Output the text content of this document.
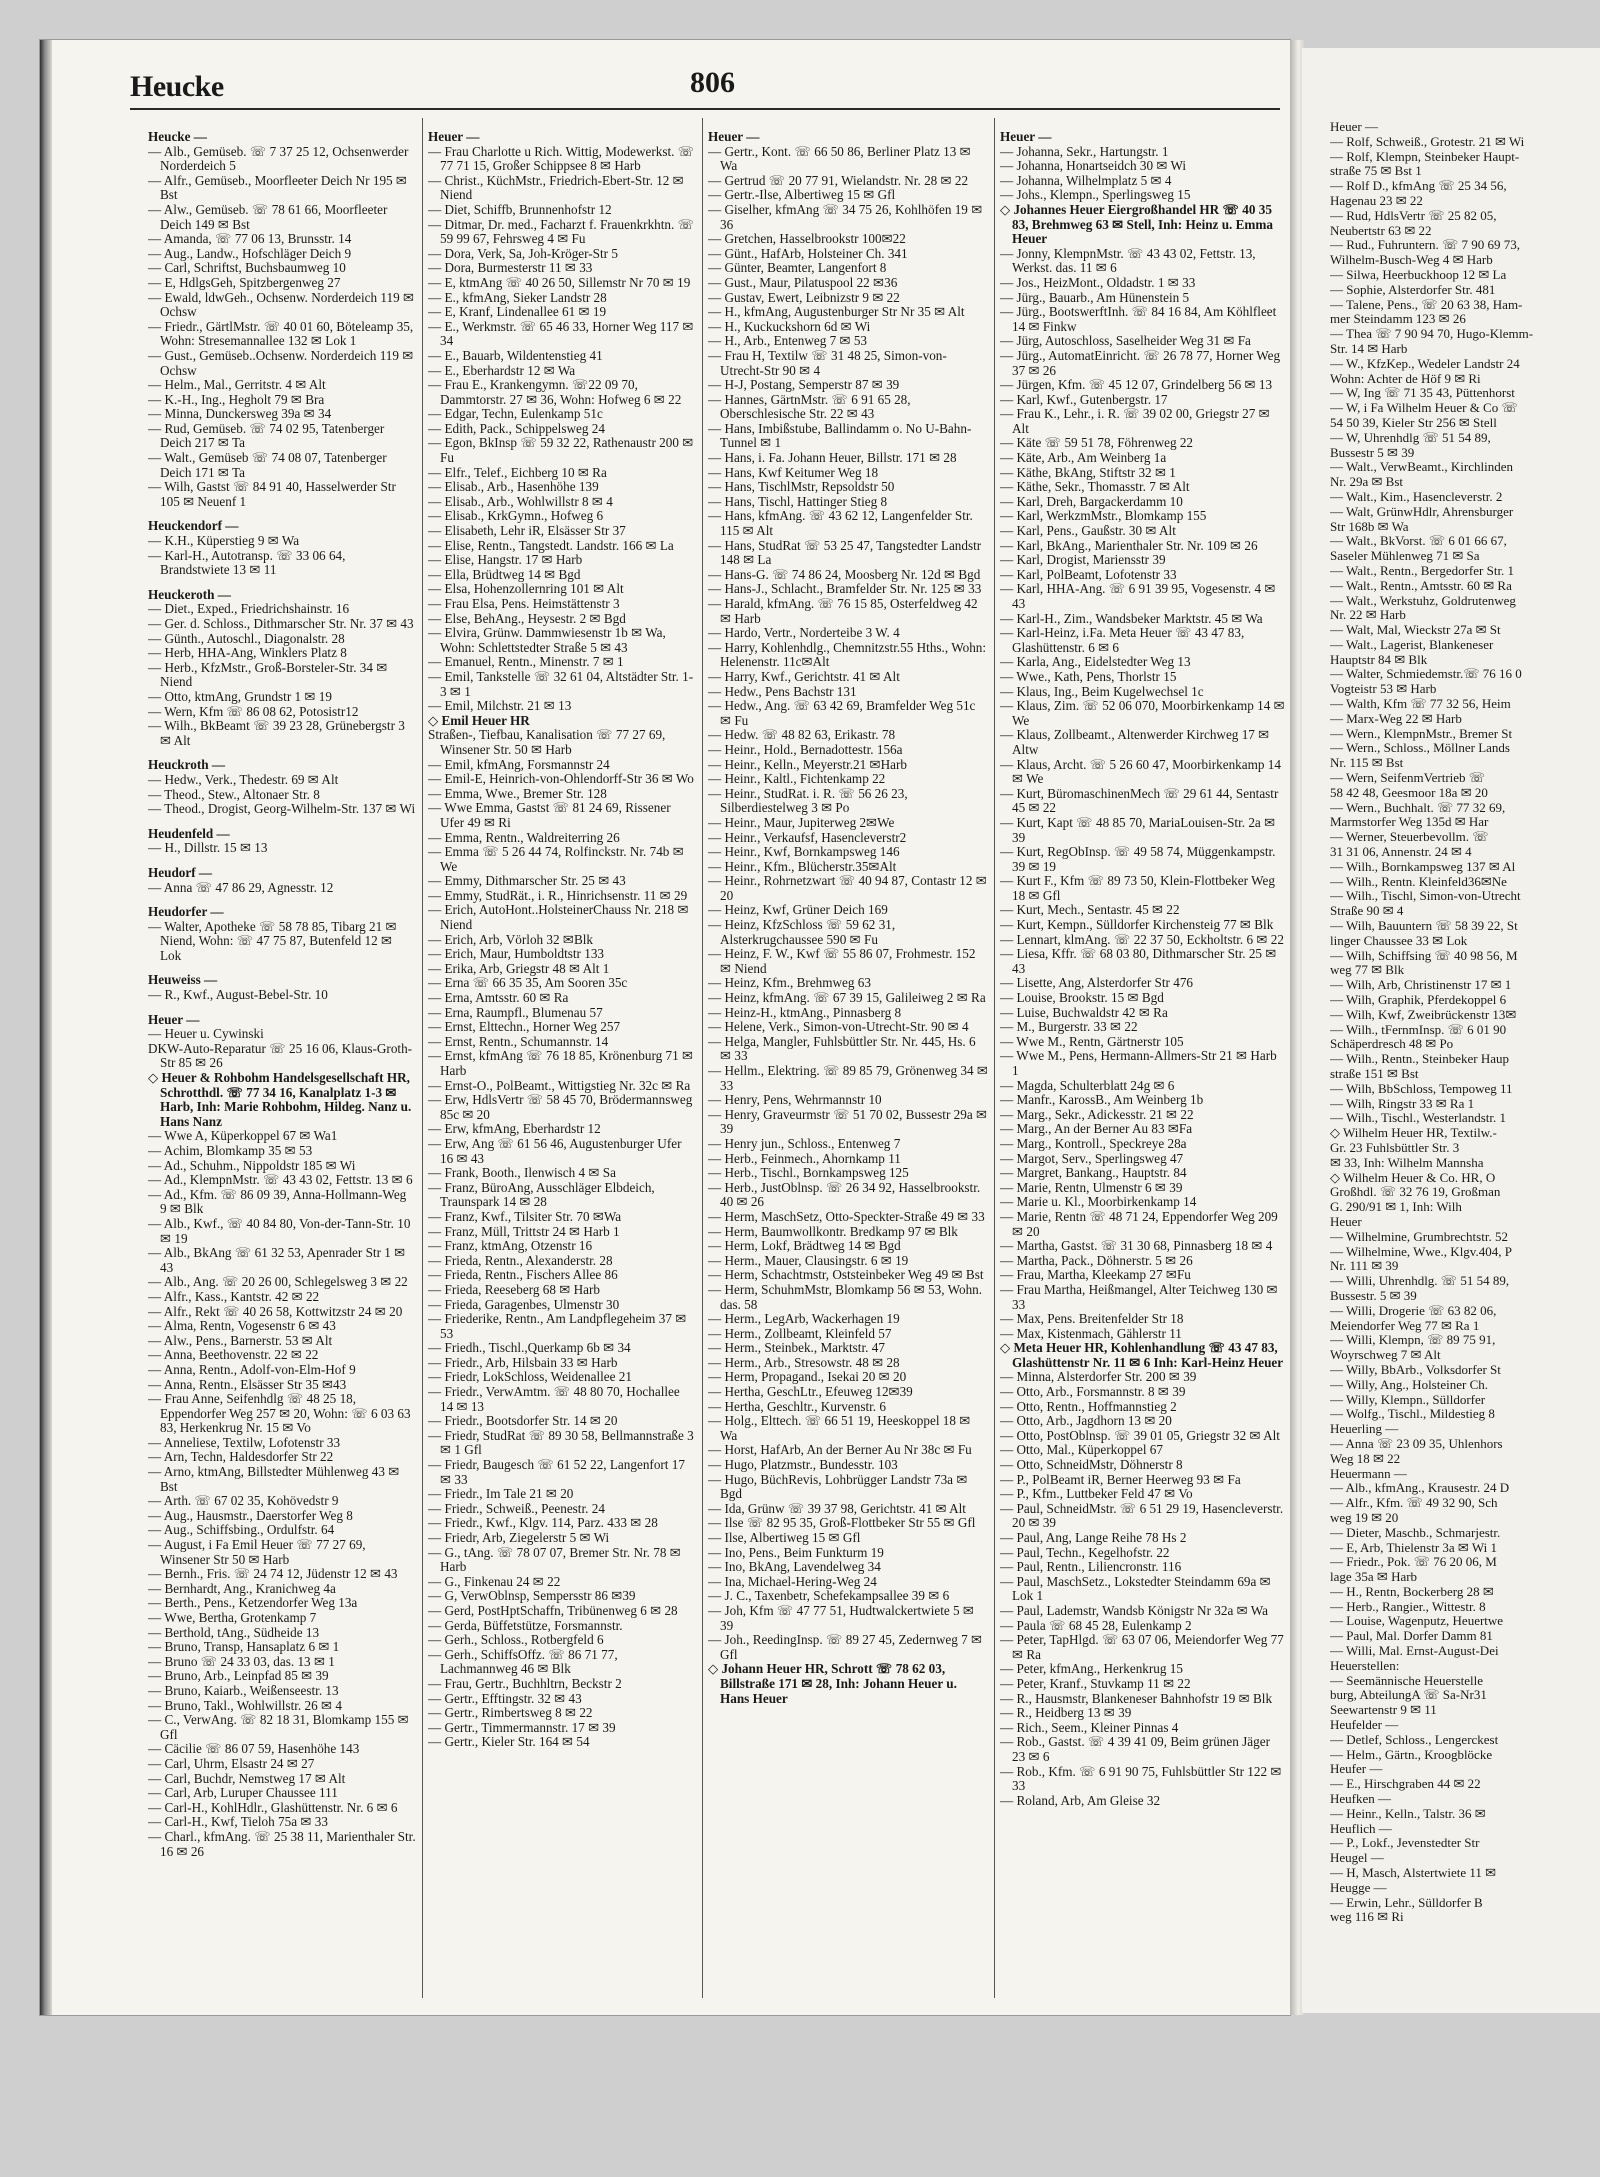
Heucke	806

Heucke —

— Alb., Gemüseb. ☏ 7 37 25 12, Ochsenwerder Norderdeich 5

— Alfr., Gemüseb., Moorfleeter Deich Nr 195 ✉ Bst

— Alw., Gemüseb. ☏ 78 61 66, Moorfleeter Deich 149 ✉ Bst

— Amanda, ☏ 77 06 13, Brunsstr. 14

— Aug., Landw., Hofschläger Deich 9

— Carl, Schriftst, Buchsbaumweg 10

— E, HdlgsGeh, Spitzbergenweg 27

— Ewald, ldwGeh., Ochsenw. Norderdeich 119 ✉ Ochsw

— Friedr., GärtlMstr. ☏ 40 01 60, Böteleamp 35, Wohn: Stresemannallee 132 ✉ Lok 1

— Gust., Gemüseb..Ochsenw. Norderdeich 119 ✉ Ochsw

— Helm., Mal., Gerritstr. 4 ✉ Alt

— K.-H., Ing., Hegholt 79 ✉ Bra

— Minna, Dunckersweg 39a ✉ 34

— Rud, Gemüseb. ☏ 74 02 95, Tatenberger Deich 217 ✉ Ta

— Walt., Gemüseb ☏ 74 08 07, Tatenberger Deich 171 ✉ Ta

— Wilh, Gastst ☏ 84 91 40, Hasselwerder Str 105 ✉ Neuenf 1

Heuckendorf —

— K.H., Küperstieg 9 ✉ Wa

— Karl-H., Autotransp. ☏ 33 06 64, Brandstwiete 13 ✉ 11

Heuckeroth —

— Diet., Exped., Friedrichshainstr. 16

— Ger. d. Schloss., Dithmarscher Str. Nr. 37 ✉ 43

— Günth., Autoschl., Diagonalstr. 28

— Herb, HHA-Ang, Winklers Platz 8

— Herb., KfzMstr., Groß-Borsteler-Str. 34 ✉ Niend

— Otto, ktmAng, Grundstr 1 ✉ 19

— Wern, Kfm ☏ 86 08 62, Potosistr12

— Wilh., BkBeamt ☏ 39 23 28, Grünebergstr 3 ✉ Alt

Heuckroth —

— Hedw., Verk., Thedestr. 69 ✉ Alt

— Theod., Stew., Altonaer Str. 8

— Theod., Drogist, Georg-Wilhelm-Str. 137 ✉ Wi

Heudenfeld —

— H., Dillstr. 15 ✉ 13

Heudorf —

— Anna ☏ 47 86 29, Agnesstr. 12

Heudorfer —

— Walter, Apotheke ☏ 58 78 85, Tibarg 21 ✉ Niend, Wohn: ☏ 47 75 87, Butenfeld 12 ✉ Lok

Heuweiss —

— R., Kwf., August-Bebel-Str. 10

Heuer —

— Heuer u. Cywinski

DKW-Auto-Reparatur ☏ 25 16 06, Klaus-Groth-Str 85 ✉ 26

◇ Heuer & Rohbohm Handelsgesellschaft HR, Schrotthdl. ☏ 77 34 16, Kanalplatz 1-3 ✉ Harb, Inh: Marie Rohbohm, Hildeg. Nanz u. Hans Nanz

— Wwe A, Küperkoppel 67 ✉ Wa1

— Achim, Blomkamp 35 ✉ 53

— Ad., Schuhm., Nippoldstr 185 ✉ Wi

— Ad., KlempnMstr. ☏ 43 43 02, Fettstr. 13 ✉ 6

— Ad., Kfm. ☏ 86 09 39, Annа-Hollmann-Weg 9 ✉ Blk

— Alb., Kwf., ☏ 40 84 80, Von-der-Tann-Str. 10 ✉ 19

— Alb., BkAng ☏ 61 32 53, Apenrader Str 1 ✉ 43

— Alb., Ang. ☏ 20 26 00, Schlegelsweg 3 ✉ 22

— Alfr., Kass., Kantstr. 42 ✉ 22

— Alfr., Rekt ☏ 40 26 58, Kottwitzstr 24 ✉ 20

— Alma, Rentn, Vogesenstr 6 ✉ 43

— Alw., Pens., Barnerstr. 53 ✉ Alt

— Anna, Beethovenstr. 22 ✉ 22

— Anna, Rentn., Adolf-von-Elm-Hof 9

— Anna, Rentn., Elsässer Str 35 ✉43

— Frau Anne, Seifenhdlg ☏ 48 25 18, Eppendorfer Weg 257 ✉ 20, Wohn: ☏ 6 03 63 83, Herkenkrug Nr. 15 ✉ Vo

— Anneliese, Textilw, Lofotenstr 33

— Arn, Techn, Haldesdorfer Str 22

— Arno, ktmAng, Billstedter Mühlenweg 43 ✉ Bst

— Arth. ☏ 67 02 35, Kohövedstr 9

— Aug., Hausmstr., Daerstorfer Weg 8

— Aug., Schiffsbing., Ordulfstr. 64

— August, i Fa Emil Heuer ☏ 77 27 69, Winsener Str 50 ✉ Harb

— Bernh., Fris. ☏ 24 74 12, Jüdenstr 12 ✉ 43

— Bernhardt, Ang., Kranichweg 4a

— Berth., Pens., Ketzendorfer Weg 13a

— Wwe, Bertha, Grotenkamp 7

— Berthold, tAng., Südheide 13

— Bruno, Transp, Hansaplatz 6 ✉ 1

— Bruno ☏ 24 33 03, das. 13 ✉ 1

— Bruno, Arb., Leinpfad 85 ✉ 39

— Bruno, Kaiarb., Weißenseestr. 13

— Bruno, Takl., Wohlwillstr. 26 ✉ 4

— C., VerwAng. ☏ 82 18 31, Blomkamp 155 ✉ Gfl

— Cäcilie ☏ 86 07 59, Hasenhöhe 143

— Carl, Uhrm, Elsastr 24 ✉ 27

— Carl, Buchdr, Nemstweg 17 ✉ Alt

— Carl, Arb, Luruper Chaussee 111

— Carl-H., KohlHdlr., Glashüttenstr. Nr. 6 ✉ 6

— Carl-H., Kwf, Tieloh 75a ✉ 33

— Charl., kfmAng. ☏ 25 38 11, Marienthaler Str. 16 ✉ 26

Heuer —

— Frau Charlotte u Rich. Wittig, Modewerkst. ☏ 77 71 15, Großer Schippsee 8 ✉ Harb

— Christ., KüchMstr., Friedrich-Ebert-Str. 12 ✉ Niend

— Diet, Schiffb, Brunnenhofstr 12

— Ditmar, Dr. med., Facharzt f. Frauenkrkhtn. ☏ 59 99 67, Fehrsweg 4 ✉ Fu

— Dora, Verk, Sa, Joh-Kröger-Str 5

— Dora, Burmesterstr 11 ✉ 33

— E, ktmAng ☏ 40 26 50, Sillemstr Nr 70 ✉ 19

— E., kfmAng, Sieker Landstr 28

— E, Kranf, Lindenallee 61 ✉ 19

— E., Werkmstr. ☏ 65 46 33, Horner Weg 117 ✉ 34

— E., Bauarb, Wildentenstieg 41

— E., Eberhardstr 12 ✉ Wa

— Frau E., Krankengymn. ☏22 09 70, Dammtorstr. 27 ✉ 36, Wohn: Hofweg 6 ✉ 22

— Edgar, Techn, Eulenkamp 51c

— Edith, Pack., Schippelsweg 24

— Egon, BkInsp ☏ 59 32 22, Rathenaustr 200 ✉ Fu

— Elfr., Telef., Eichberg 10 ✉ Ra

— Elisab., Arb., Hasenhöhe 139

— Elisab., Arb., Wohlwillstr 8 ✉ 4

— Elisab., KrkGymn., Hofweg 6

— Elisabeth, Lehr iR, Elsässer Str 37

— Elise, Rentn., Tangstedt. Landstr. 166 ✉ La

— Elise, Hangstr. 17 ✉ Harb

— Ella, Brüdtweg 14 ✉ Bgd

— Elsa, Hohenzollernring 101 ✉ Alt

— Frau Elsa, Pens. Heimstättenstr 3

— Else, BehAng., Heysestr. 2 ✉ Bgd

— Elvira, Grünw. Dammwiesenstr 1b ✉ Wa, Wohn: Schlettstedter Straße 5 ✉ 43

— Emanuel, Rentn., Minenstr. 7 ✉ 1

— Emil, Tankstelle ☏ 32 61 04, Altstädter Str. 1-3 ✉ 1

— Emil, Milchstr. 21 ✉ 13

◇ Emil Heuer HR

Straßen-, Tiefbau, Kanalisation ☏ 77 27 69, Winsener Str. 50 ✉ Harb

— Emil, kfmAng, Forsmannstr 24

— Emil-E, Heinrich-von-Ohlendorff-Str 36 ✉ Wo

— Emma, Wwe., Bremer Str. 128

— Wwe Emma, Gastst ☏ 81 24 69, Rissener Ufer 49 ✉ Ri

— Emma, Rentn., Waldreiterring 26

— Emma ☏ 5 26 44 74, Rolfinckstr. Nr. 74b ✉ We

— Emmy, Dithmarscher Str. 25 ✉ 43

— Emmy, StudRät., i. R., Hinrichsenstr. 11 ✉ 29

— Erich, AutoHont..HolsteinerChauss Nr. 218 ✉ Niend

— Erich, Arb, Vörloh 32 ✉Blk

— Erich, Maur, Humboldtstr 133

— Erika, Arb, Griegstr 48 ✉ Alt 1

— Erna ☏ 66 35 35, Am Sooren 35c

— Erna, Amtsstr. 60 ✉ Ra

— Erna, Raumpfl., Blumenau 57

— Ernst, Elttechn., Horner Weg 257

— Ernst, Rentn., Schumannstr. 14

— Ernst, kfmAng ☏ 76 18 85, Krönenburg 71 ✉ Harb

— Ernst-O., PolBeamt., Wittigstieg Nr. 32c ✉ Ra

— Erw, HdlsVertr ☏ 58 45 70, Brödermannsweg 85c ✉ 20

— Erw, kfmAng, Eberhardstr 12

— Erw, Ang ☏ 61 56 46, Augustenburger Ufer 16 ✉ 43

— Frank, Booth., Ilenwisch 4 ✉ Sa

— Franz, BüroAng, Ausschläger Elbdeich, Traunspark 14 ✉ 28

— Franz, Kwf., Tilsiter Str. 70 ✉Wa

— Franz, Müll, Trittstr 24 ✉ Harb 1

— Franz, ktmAng, Otzenstr 16

— Frieda, Rentn., Alexanderstr. 28

— Frieda, Rentn., Fischers Allee 86

— Frieda, Reeseberg 68 ✉ Harb

— Frieda, Garagenbes, Ulmenstr 30

— Friederike, Rentn., Am Landpflegeheim 37 ✉ 53

— Friedh., Tischl.,Querkamp 6b ✉ 34

— Friedr., Arb, Hilsbain 33 ✉ Harb

— Friedr, LokSchloss, Weidenallee 21

— Friedr., VerwAmtm. ☏ 48 80 70, Hochallee 14 ✉ 13

— Friedr., Bootsdorfer Str. 14 ✉ 20

— Friedr, StudRat ☏ 89 30 58, Bellmannstraße 3 ✉ 1 Gfl

— Friedr, Baugesch ☏ 61 52 22, Langenfort 17 ✉ 33

— Friedr., Im Tale 21 ✉ 20

— Friedr., Schweiß., Peenestr. 24

— Friedr., Kwf., Klgv. 114, Parz. 433 ✉ 28

— Friedr, Arb, Ziegelerstr 5 ✉ Wi

— G., tAng. ☏ 78 07 07, Bremer Str. Nr. 78 ✉ Harb

— G., Finkenau 24 ✉ 22

— G, VerwOblnsp, Sempersstr 86 ✉39

— Gerd, PostHptSchaffn, Tribünenweg 6 ✉ 28

— Gerda, Büffetstütze, Forsmannstr.

— Gerh., Schloss., Rotbergfeld 6

— Gerh., SchiffsOffz. ☏ 86 71 77, Lachmannweg 46 ✉ Blk

— Frau, Gertr., Buchhltrn, Beckstr 2

— Gertr., Efftingstr. 32 ✉ 43

— Gertr., Rimbertsweg 8 ✉ 22

— Gertr., Timmermannstr. 17 ✉ 39

— Gertr., Kieler Str. 164 ✉ 54

Heuer —

— Gertr., Kont. ☏ 66 50 86, Berliner Platz 13 ✉ Wa

— Gertrud ☏ 20 77 91, Wielandstr. Nr. 28 ✉ 22

— Gertr.-Ilse, Albertiweg 15 ✉ Gfl

— Giselher, kfmAng ☏ 34 75 26, Kohlhöfen 19 ✉ 36

— Gretchen, Hasselbrookstr 100✉22

— Günt., HafArb, Holsteiner Ch. 341

— Günter, Beamter, Langenfort 8

— Gust., Maur, Pilatuspool 22 ✉36

— Gustav, Ewert, Leibnizstr 9 ✉ 22

— H., kfmAng, Augustenburger Str Nr 35 ✉ Alt

— H., Kuckuckshorn 6d ✉ Wi

— H., Arb., Entenweg 7 ✉ 53

— Frau H, Textilw ☏ 31 48 25, Simon-von-Utrecht-Str 90 ✉ 4

— H-J, Postang, Semperstr 87 ✉ 39

— Hannes, GärtnMstr. ☏ 6 91 65 28, Oberschlesische Str. 22 ✉ 43

— Hans, Imbißstube, Ballindamm o. No U-Bahn-Tunnel ✉ 1

— Hans, i. Fa. Johann Heuer, Billstr. 171 ✉ 28

— Hans, Kwf Keitumer Weg 18

— Hans, TischlMstr, Repsoldstr 50

— Hans, Tischl, Hattinger Stieg 8

— Hans, kfmAng. ☏ 43 62 12, Langenfelder Str. 115 ✉ Alt

— Hans, StudRat ☏ 53 25 47, Tangstedter Landstr 148 ✉ La

— Hans-G. ☏ 74 86 24, Moosberg Nr. 12d ✉ Bgd

— Hans-J., Schlacht., Bramfelder Str. Nr. 125 ✉ 33

— Harald, kfmAng. ☏ 76 15 85, Osterfeldweg 42 ✉ Harb

— Hardo, Vertr., Norderteibe 3 W. 4

— Harry, Kohlenhdlg., Chemnitzstr.55 Hths., Wohn: Helenenstr. 11c✉Alt

— Harry, Kwf., Gerichtstr. 41 ✉ Alt

— Hedw., Pens Bachstr 131

— Hedw., Ang. ☏ 63 42 69, Bramfelder Weg 51c ✉ Fu

— Hedw. ☏ 48 82 63, Erikastr. 78

— Heinr., Hold., Bernadottestr. 156a

— Heinr., Kelln., Meyerstr.21 ✉Harb

— Heinr., Kaltl., Fichtenkamp 22

— Heinr., StudRat. i. R. ☏ 56 26 23, Silberdiestelweg 3 ✉ Po

— Heinr., Maur, Jupiterweg 2✉We

— Heinr., Verkaufsf, Hasencleverstr2

— Heinr., Kwf, Bornkampsweg 146

— Heinr., Kfm., Blücherstr.35✉Alt

— Heinr., Rohrnetzwart ☏ 40 94 87, Contastr 12 ✉ 20

— Heinz, Kwf, Grüner Deich 169

— Heinz, KfzSchloss ☏ 59 62 31, Alsterkrugchaussee 590 ✉ Fu

— Heinz, F. W., Kwf ☏ 55 86 07, Frohmestr. 152 ✉ Niend

— Heinz, Kfm., Brehmweg 63

— Heinz, kfmAng. ☏ 67 39 15, Galileiweg 2 ✉ Ra

— Heinz-H., ktmAng., Pinnasberg 8

— Helene, Verk., Simon-von-Utrecht-Str. 90 ✉ 4

— Helga, Mangler, Fuhlsbüttler Str. Nr. 445, Hs. 6 ✉ 33

— Hellm., Elektring. ☏ 89 85 79, Grönenweg 34 ✉ 33

— Henry, Pens, Wehrmannstr 10

— Henry, Graveurmstr ☏ 51 70 02, Bussestr 29a ✉ 39

— Henry jun., Schloss., Entenweg 7

— Herb., Feinmech., Ahornkamp 11

— Herb., Tischl., Bornkampsweg 125

— Herb., JustOblnsp. ☏ 26 34 92, Hasselbrookstr. 40 ✉ 26

— Herm, MaschSetz, Otto-Speckter-Straße 49 ✉ 33

— Herm, Baumwollkontr. Bredkamp 97 ✉ Blk

— Herm, Lokf, Brädtweg 14 ✉ Bgd

— Herm., Mauer, Clausingstr. 6 ✉ 19

— Herm, Schachtmstr, Oststeinbeker Weg 49 ✉ Bst

— Herm, SchuhmMstr, Blomkamp 56 ✉ 53, Wohn. das. 58

— Herm., LegArb, Wackerhagen 19

— Herm., Zollbeamt, Kleinfeld 57

— Herm., Steinbek., Marktstr. 47

— Herm., Arb., Stresowstr. 48 ✉ 28

— Herm, Propagand., Isekai 20 ✉ 20

— Hertha, GeschLtr., Efeuweg 12✉39

— Hertha, Geschltr., Kurvenstr. 6

— Holg., Elttech. ☏ 66 51 19, Heeskoppel 18 ✉ Wa

— Horst, HafArb, An der Berner Au Nr 38c ✉ Fu

— Hugo, Platzmstr., Bundesstr. 103

— Hugo, BüchRevis, Lohbrügger Landstr 73a ✉ Bgd

— Ida, Grünw ☏ 39 37 98, Gerichtstr. 41 ✉ Alt

— Ilse ☏ 82 95 35, Groß-Flottbeker Str 55 ✉ Gfl

— Ilse, Albertiweg 15 ✉ Gfl

— Ino, Pens., Beim Funkturm 19

— Ino, BkAng, Lavendelweg 34

— Ina, Michael-Hering-Weg 24

— J. C., Taxenbetr, Schefekampsallee 39 ✉ 6

— Joh, Kfm ☏ 47 77 51, Hudtwalckertwiete 5 ✉ 39

— Joh., ReedingInsp. ☏ 89 27 45, Zedernweg 7 ✉ Gfl

◇ Johann Heuer HR, Schrott ☏ 78 62 03, Billstraße 171 ✉ 28, Inh: Johann Heuer u. Hans Heuer

Heuer —

— Johanna, Sekr., Hartungstr. 1

— Johanna, Honartseidch 30 ✉ Wi

— Johanna, Wilhelmplatz 5 ✉ 4

— Johs., Klempn., Sperlingsweg 15

◇ Johannes Heuer Eiergroßhandel HR ☏ 40 35 83, Brehmweg 63 ✉ Stell, Inh: Heinz u. Emma Heuer

— Jonny, KlempnMstr. ☏ 43 43 02, Fettstr. 13, Werkst. das. 11 ✉ 6

— Jos., HeizMont., Oldadstr. 1 ✉ 33

— Jürg., Bauarb., Am Hünenstein 5

— Jürg., BootswerftInh. ☏ 84 16 84, Am Köhlfleet 14 ✉ Finkw

— Jürg, Autoschloss, Saselheider Weg 31 ✉ Fa

— Jürg., AutomatEinricht. ☏ 26 78 77, Horner Weg 37 ✉ 26

— Jürgen, Kfm. ☏ 45 12 07, Grindelberg 56 ✉ 13

— Karl, Kwf., Gutenbergstr. 17

— Frau K., Lehr., i. R. ☏ 39 02 00, Griegstr 27 ✉ Alt

— Käte ☏ 59 51 78, Föhrenweg 22

— Käte, Arb., Am Weinberg 1a

— Käthe, BkAng, Stiftstr 32 ✉ 1

— Käthe, Sekr., Thomasstr. 7 ✉ Alt

— Karl, Dreh, Bargackerdamm 10

— Karl, WerkzmMstr., Blomkamp 155

— Karl, Pens., Gaußstr. 30 ✉ Alt

— Karl, BkAng., Marienthaler Str. Nr. 109 ✉ 26

— Karl, Drogist, Mariensstr 39

— Karl, PolBeamt, Lofotenstr 33

— Karl, HHA-Ang. ☏ 6 91 39 95, Vogesenstr. 4 ✉ 43

— Karl-H., Zim., Wandsbeker Marktstr. 45 ✉ Wa

— Karl-Heinz, i.Fa. Meta Heuer ☏ 43 47 83, Glashüttenstr. 6 ✉ 6

— Karla, Ang., Eidelstedter Weg 13

— Wwe., Kath, Pens, Thorlstr 15

— Klaus, Ing., Beim Kugelwechsel 1c

— Klaus, Zim. ☏ 52 06 070, Moorbirkenkamp 14 ✉ We

— Klaus, Zollbeamt., Altenwerder Kirchweg 17 ✉ Altw

— Klaus, Archt. ☏ 5 26 60 47, Moorbirkenkamp 14 ✉ We

— Kurt, BüromaschinenMech ☏ 29 61 44, Sentastr 45 ✉ 22

— Kurt, Kapt ☏ 48 85 70, MariaLouisen-Str. 2a ✉ 39

— Kurt, RegObInsp. ☏ 49 58 74, Müggenkampstr. 39 ✉ 19

— Kurt F., Kfm ☏ 89 73 50, Klein-Flottbeker Weg 18 ✉ Gfl

— Kurt, Mech., Sentastr. 45 ✉ 22

— Kurt, Kempn., Sülldorfer Kirchensteig 77 ✉ Blk

— Lennart, klmAng. ☏ 22 37 50, Eckholtstr. 6 ✉ 22

— Liesa, Kffr. ☏ 68 03 80, Dithmarscher Str. 25 ✉ 43

— Lisette, Ang, Alsterdorfer Str 476

— Louise, Brookstr. 15 ✉ Bgd

— Luise, Buchwaldstr 42 ✉ Ra

— M., Burgerstr. 33 ✉ 22

— Wwe M., Rentn, Gärtnerstr 105

— Wwe M., Pens, Hermann-Allmers-Str 21 ✉ Harb 1

— Magda, Schulterblatt 24g ✉ 6

— Manfr., KarossB., Am Weinberg 1b

— Marg., Sekr., Adickesstr. 21 ✉ 22

— Marg., An der Berner Au 83 ✉Fa

— Marg., Kontroll., Speckreye 28a

— Margot, Serv., Sperlingsweg 47

— Margret, Bankang., Hauptstr. 84

— Marie, Rentn, Ulmenstr 6 ✉ 39

— Marie u. Kl., Moorbirkenkamp 14

— Marie, Rentn ☏ 48 71 24, Eppendorfer Weg 209 ✉ 20

— Martha, Gastst. ☏ 31 30 68, Pinnasberg 18 ✉ 4

— Martha, Pack., Döhnerstr. 5 ✉ 26

— Frau, Martha, Kleekamp 27 ✉Fu

— Frau Martha, Heißmangel, Alter Teichweg 130 ✉ 33

— Max, Pens. Breitenfelder Str 18

— Max, Kistenmach, Gählerstr 11

◇ Meta Heuer HR, Kohlenhandlung ☏ 43 47 83, Glashüttenstr Nr. 11 ✉ 6 Inh: Karl-Heinz Heuer

— Minna, Alsterdorfer Str. 200 ✉ 39

— Otto, Arb., Forsmannstr. 8 ✉ 39

— Otto, Rentn., Hoffmannstieg 2

— Otto, Arb., Jagdhorn 13 ✉ 20

— Otto, PostOblnsp. ☏ 39 01 05, Griegstr 32 ✉ Alt

— Otto, Mal., Küperkoppel 67

— Otto, SchneidMstr, Döhnerstr 8

— P., PolBeamt iR, Berner Heerweg 93 ✉ Fa

— P., Kfm., Luttbeker Feld 47 ✉ Vo

— Paul, SchneidMstr. ☏ 6 51 29 19, Hasencleverstr. 20 ✉ 39

— Paul, Ang, Lange Reihe 78 Hs 2

— Paul, Techn., Kegelhofstr. 22

— Paul, Rentn., Liliencronstr. 116

— Paul, MaschSetz., Lokstedter Steindamm 69a ✉ Lok 1

— Paul, Lademstr, Wandsb Königstr Nr 32a ✉ Wa

— Paula ☏ 68 45 28, Eulenkamp 2

— Peter, TapHlgd. ☏ 63 07 06, Meiendorfer Weg 77 ✉ Ra

— Peter, kfmAng., Herkenkrug 15

— Peter, Kranf., Stuvkamp 11 ✉ 22

— R., Hausmstr, Blankeneser Bahnhofstr 19 ✉ Blk

— R., Heidberg 13 ✉ 39

— Rich., Seem., Kleiner Pinnas 4

— Rob., Gastst. ☏ 4 39 41 09, Beim grünen Jäger 23 ✉ 6

— Rob., Kfm. ☏ 6 91 90 75, Fuhlsbüttler Str 122 ✉ 33

— Roland, Arb, Am Gleise 32

Heuer —

— Rolf, Schweiß., Grotestr. 21 ✉ Wi

— Rolf, Klempn, Steinbeker Haupt-

straße 75 ✉ Bst 1

— Rolf D., kfmAng ☏ 25 34 56,

Hagenau 23 ✉ 22

— Rud, HdlsVertr ☏ 25 82 05,

Neubertstr 63 ✉ 22

— Rud., Fuhruntern. ☏ 7 90 69 73,

Wilhelm-Busch-Weg 4 ✉ Harb

— Silwa, Heerbuckhoop 12 ✉ La

— Sophie, Alsterdorfer Str. 481

— Talene, Pens., ☏ 20 63 38, Ham-

mer Steindamm 123 ✉ 26

— Thea ☏ 7 90 94 70, Hugo-Klemm-

Str. 14 ✉ Harb

— W., KfzKep., Wedeler Landstr 24

Wohn: Achter de Höf 9 ✉ Ri

— W, Ing ☏ 71 35 43, Püttenhorst

— W, i Fa Wilhelm Heuer & Co ☏

54 50 39, Kieler Str 256 ✉ Stell

— W, Uhrenhdlg ☏ 51 54 89,

Bussestr 5 ✉ 39

— Walt., VerwBeamt., Kirchlinden

Nr. 29a ✉ Bst

— Walt., Kim., Hasencleverstr. 2

— Walt, GrünwHdlr, Ahrensburger

Str 168b ✉ Wa

— Walt., BkVorst. ☏ 6 01 66 67,

Saseler Mühlenweg 71 ✉ Sa

— Walt., Rentn., Bergedorfer Str. 1

— Walt., Rentn., Amtsstr. 60 ✉ Ra

— Walt., Werkstuhz, Goldrutenweg

Nr. 22 ✉ Harb

— Walt, Mal, Wieckstr 27a ✉ St

— Walt., Lagerist, Blankeneser

Hauptstr 84 ✉ Blk

— Walter, Schmiedemstr.☏ 76 16 0

Vogteistr 53 ✉ Harb

— Walth, Kfm ☏ 77 32 56, Heim

— Marx-Weg 22 ✉ Harb

— Wern., KlempnMstr., Bremer St

— Wern., Schloss., Möllner Lands

Nr. 115 ✉ Bst

— Wern, SeifenmVertrieb ☏

58 42 48, Geesmoor 18a ✉ 20

— Wern., Buchhalt. ☏ 77 32 69,

Marmstorfer Weg 135d ✉ Har

— Werner, Steuerbevollm. ☏

31 31 06, Annenstr. 24 ✉ 4

— Wilh., Bornkampsweg 137 ✉ Al

— Wilh., Rentn. Kleinfeld36✉Ne

— Wilh., Tischl, Simon-von-Utrecht

Straße 90 ✉ 4

— Wilh, Bauuntern ☏ 58 39 22, St

linger Chaussee 33 ✉ Lok

— Wilh, Schiffsing ☏ 40 98 56, M

weg 77 ✉ Blk

— Wilh, Arb, Christinenstr 17 ✉ 1

— Wilh, Graphik, Pferdekoppel 6

— Wilh, Kwf, Zweibrückenstr 13✉

— Wilh., tFernmInsp. ☏ 6 01 90

Schäperdresch 48 ✉ Po

— Wilh., Rentn., Steinbeker Haup

straße 151 ✉ Bst

— Wilh, BbSchloss, Tempoweg 11

— Wilh, Ringstr 33 ✉ Ra 1

— Wilh., Tischl., Westerlandstr. 1

◇ Wilhelm Heuer HR, Textilw.-

Gr. 23 Fuhlsbüttler Str. 3

✉ 33, Inh: Wilhelm Mannsha

◇ Wilhelm Heuer & Co. HR, O

Großhdl. ☏ 32 76 19, Großman

G. 290/91 ✉ 1, Inh: Wilh

Heuer

— Wilhelmine, Grumbrechtstr. 52

— Wilhelmine, Wwe., Klgv.404, P

Nr. 111 ✉ 39

— Willi, Uhrenhdlg. ☏ 51 54 89,

Bussestr. 5 ✉ 39

— Willi, Drogerie ☏ 63 82 06,

Meiendorfer Weg 77 ✉ Ra 1

— Willi, Klempn, ☏ 89 75 91,

Woyrschweg 7 ✉ Alt

— Willy, BbArb., Volksdorfer St

— Willy, Ang., Holsteiner Ch.

— Willy, Klempn., Sülldorfer

— Wolfg., Tischl., Mildestieg 8

Heuerling —

— Anna ☏ 23 09 35, Uhlenhors

Weg 18 ✉ 22

Heuermann —

— Alb., kfmAng., Krausestr. 24 D

— Alfr., Kfm. ☏ 49 32 90, Sch

weg 19 ✉ 20

— Dieter, Maschb., Schmarjestr.

— E, Arb, Thielenstr 3a ✉ Wi 1

— Friedr., Pok. ☏ 76 20 06, M

lage 35a ✉ Harb

— H., Rentn, Bockerberg 28 ✉

— Herb., Rangier., Wittestr. 8

— Louise, Wagenputz, Heuertwe

— Paul, Mal. Dorfer Damm 81

— Willi, Mal. Ernst-August-Dei

Heuerstellen:

— Seemännische Heuerstelle

burg, AbteilungA ☏ Sa-Nr31

Seewartenstr 9 ✉ 11

Heufelder —

— Detlef, Schloss., Lengerckest

— Helm., Gärtn., Kroogblöcke

Heufer —

— E., Hirschgraben 44 ✉ 22

Heufken —

— Heinr., Kelln., Talstr. 36 ✉

Heuflich —

— P., Lokf., Jevenstedter Str

Heugel —

— H, Masch, Alstertwiete 11 ✉

Heugge —

— Erwin, Lehr., Sülldorfer B

weg 116 ✉ Ri
